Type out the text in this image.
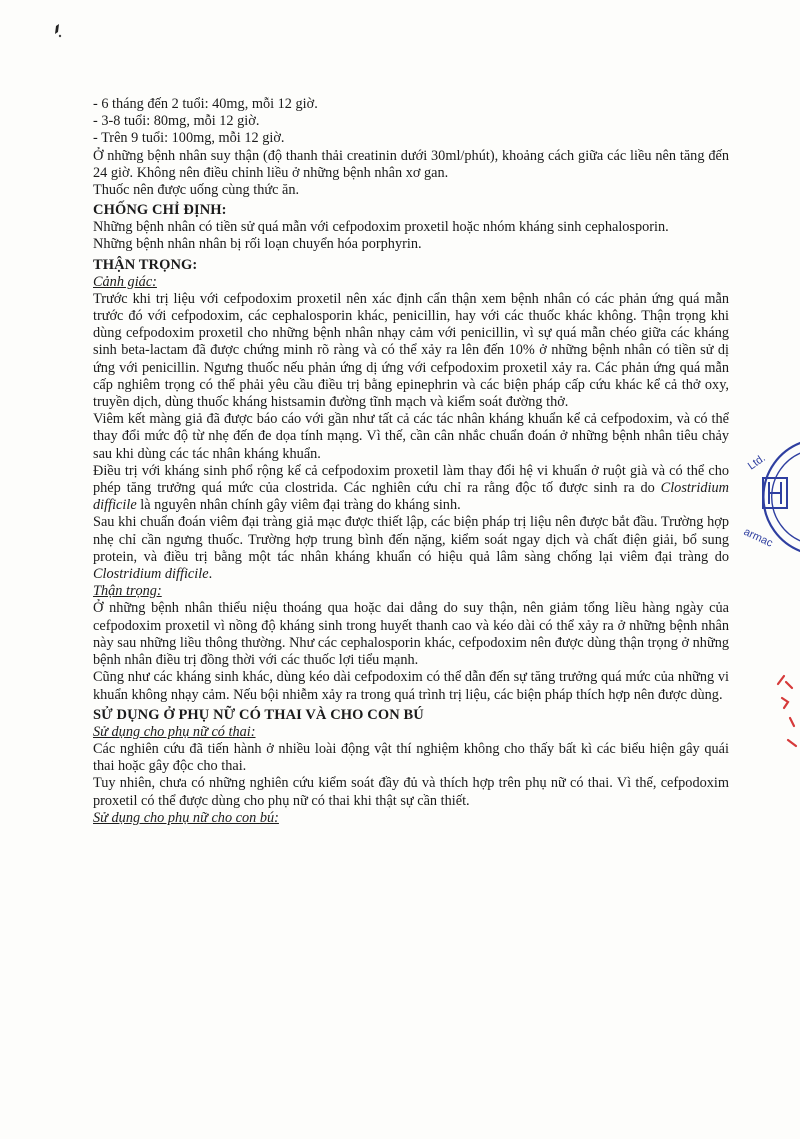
- 6 tháng đến 2 tuổi: 40mg, mỗi 12 giờ.

- 3-8 tuổi: 80mg, mỗi 12 giờ.

- Trên 9 tuổi: 100mg, mỗi 12 giờ.

Ở những bệnh nhân suy thận (độ thanh thải creatinin dưới 30ml/phút), khoảng cách giữa các liều nên tăng đến 24 giờ. Không nên điều chỉnh liều ở những bệnh nhân xơ gan.

Thuốc nên được uống cùng thức ăn.

CHỐNG CHỈ ĐỊNH:

Những bệnh nhân có tiền sử quá mẫn với cefpodoxim proxetil hoặc nhóm kháng sinh cephalosporin.

Những bệnh nhân nhân bị rối loạn chuyển hóa porphyrin.

THẬN TRỌNG:
Cảnh giác:

Trước khi trị liệu với cefpodoxim proxetil nên xác định cẩn thận xem bệnh nhân có các phản ứng quá mẫn trước đó với cefpodoxim, các cephalosporin khác, penicillin, hay với các thuốc khác không. Thận trọng khi dùng cefpodoxim proxetil cho những bệnh nhân nhạy cảm với penicillin, vì sự quá mẫn chéo giữa các kháng sinh beta-lactam đã được chứng minh rõ ràng và có thể xảy ra lên đến 10% ở những bệnh nhân có tiền sử dị ứng với penicillin. Ngưng thuốc nếu phản ứng dị ứng với cefpodoxim proxetil xảy ra. Các phản ứng quá mẫn cấp nghiêm trọng có thể phải yêu cầu điều trị bằng epinephrin và các biện pháp cấp cứu khác kể cả thở oxy, truyền dịch, dùng thuốc kháng histsamin đường tĩnh mạch và kiểm soát đường thở.

Viêm kết màng giả đã được báo cáo với gần như tất cả các tác nhân kháng khuẩn kể cả cefpodoxim, và có thể thay đổi mức độ từ nhẹ đến đe dọa tính mạng. Vì thế, cần cân nhắc chuẩn đoán ở những bệnh nhân tiêu chảy sau khi dùng các tác nhân kháng khuẩn.

Điều trị với kháng sinh phổ rộng kể cả cefpodoxim proxetil làm thay đổi hệ vi khuẩn ở ruột già và có thể cho phép tăng trưởng quá mức của clostrida. Các nghiên cứu chỉ ra rằng độc tố được sinh ra do Clostridium difficile là nguyên nhân chính gây viêm đại tràng do kháng sinh.

Sau khi chuẩn đoán viêm đại tràng giả mạc được thiết lập, các biện pháp trị liệu nên được bắt đầu. Trường hợp nhẹ chỉ cần ngưng thuốc. Trường hợp trung bình đến nặng, kiểm soát ngay dịch và chất điện giải, bổ sung protein, và điều trị bằng một tác nhân kháng khuẩn có hiệu quả lâm sàng chống lại viêm đại tràng do Clostridium difficile.

Thận trọng:

Ở những bệnh nhân thiểu niệu thoáng qua hoặc dai dẳng do suy thận, nên giảm tổng liều hàng ngày của cefpodoxim proxetil vì nồng độ kháng sinh trong huyết thanh cao và kéo dài có thể xảy ra ở những bệnh nhân này sau những liều thông thường. Như các cephalosporin khác, cefpodoxim nên được dùng thận trọng ở những bệnh nhân điều trị đồng thời với các thuốc lợi tiểu mạnh.

Cũng như các kháng sinh khác, dùng kéo dài cefpodoxim có thể dẫn đến sự tăng trưởng quá mức của những vi khuẩn không nhạy cảm. Nếu bội nhiễm xảy ra trong quá trình trị liệu, các biện pháp thích hợp nên được dùng.

SỬ DỤNG Ở PHỤ NỮ CÓ THAI VÀ CHO CON BÚ
Sử dụng cho phụ nữ có thai:

Các nghiên cứu đã tiến hành ở nhiều loài động vật thí nghiệm không cho thấy bất kì các biểu hiện gây quái thai hoặc gây độc cho thai.

Tuy nhiên, chưa có những nghiên cứu kiểm soát đầy đủ và thích hợp trên phụ nữ có thai. Vì thế, cefpodoxim proxetil có thể được dùng cho phụ nữ có thai khi thật sự cần thiết.

Sử dụng cho phụ nữ cho con bú:
Ltd.
armac
